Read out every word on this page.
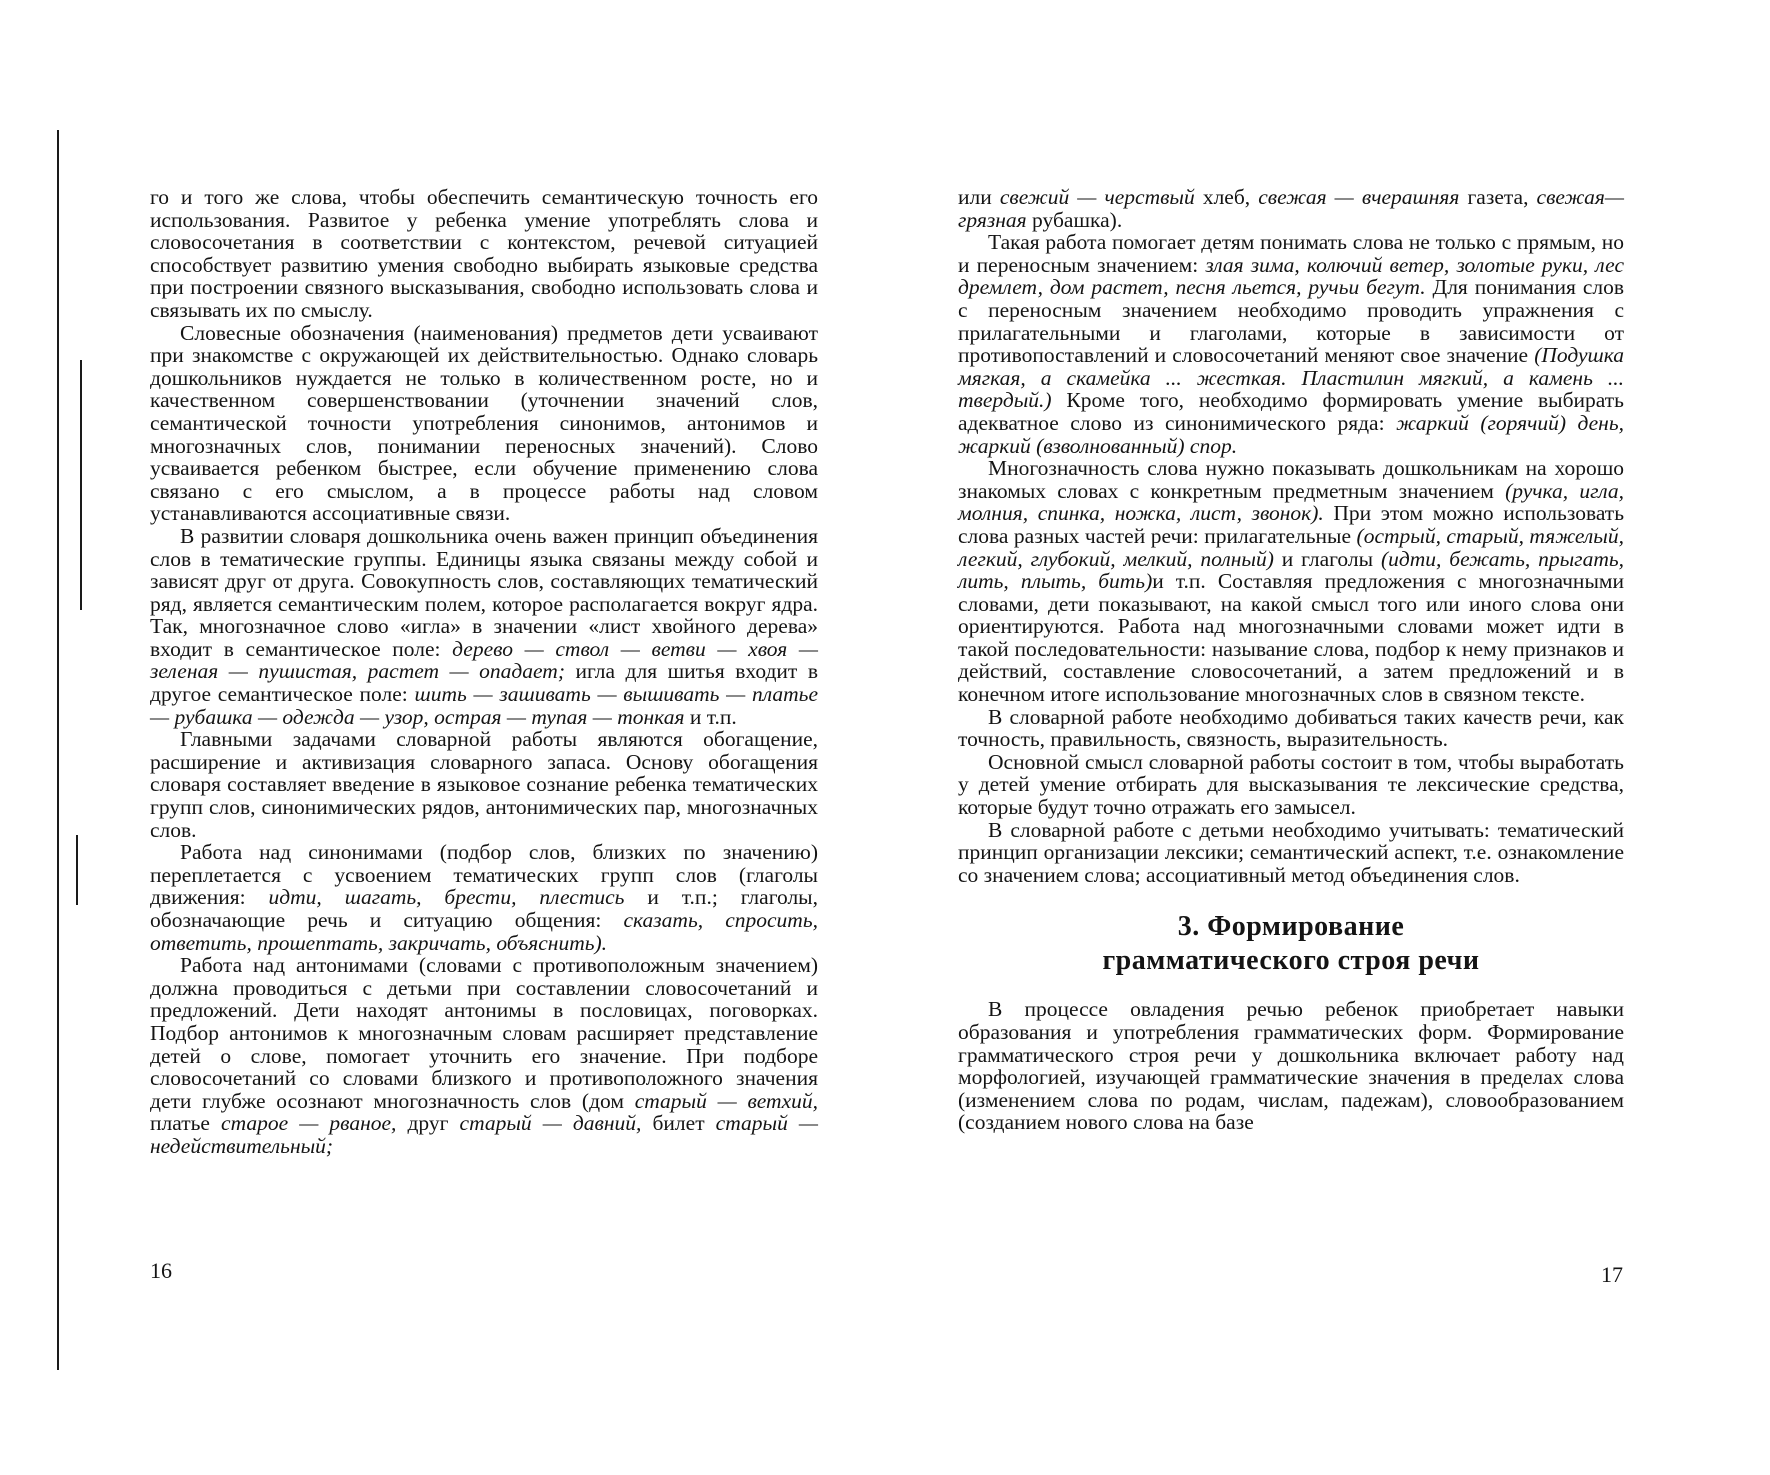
го и того же слова, чтобы обеспечить семантическую точность его использования. Развитое у ребенка умение употреблять слова и словосочетания в соответствии с контекстом, речевой ситуацией способствует развитию умения свободно выбирать языковые средства при построении связного высказывания, свободно использовать слова и связывать их по смыслу.

Словесные обозначения (наименования) предметов дети усваивают при знакомстве с окружающей их действительностью. Однако словарь дошкольников нуждается не только в количественном росте, но и качественном совершенствовании (уточнении значений слов, семантической точности употребления синонимов, антонимов и многозначных слов, понимании переносных значений). Слово усваивается ребенком быстрее, если обучение применению слова связано с его смыслом, а в процессе работы над словом устанавливаются ассоциативные связи.

В развитии словаря дошкольника очень важен принцип объединения слов в тематические группы. Единицы языка связаны между собой и зависят друг от друга. Совокупность слов, составляющих тематический ряд, является семантическим полем, которое располагается вокруг ядра. Так, многозначное слово «игла» в значении «лист хвойного дерева» входит в семантическое поле: дерево — ствол — ветви — хвоя — зеленая — пушистая, растет — опадает; игла для шитья входит в другое семантическое поле: шить — зашивать — вышивать — платье — рубашка — одежда — узор, острая — тупая — тонкая и т.п.

Главными задачами словарной работы являются обогащение, расширение и активизация словарного запаса. Основу обогащения словаря составляет введение в языковое сознание ребенка тематических групп слов, синонимических рядов, антонимических пар, многозначных слов.

Работа над синонимами (подбор слов, близких по значению) переплетается с усвоением тематических групп слов (глаголы движения: идти, шагать, брести, плестись и т.п.; глаголы, обозначающие речь и ситуацию общения: сказать, спросить, ответить, прошептать, закричать, объяснить).

Работа над антонимами (словами с противоположным значением) должна проводиться с детьми при составлении словосочетаний и предложений. Дети находят антонимы в пословицах, поговорках. Подбор антонимов к многозначным словам расширяет представление детей о слове, помогает уточнить его значение. При подборе словосочетаний со словами близкого и противоположного значения дети глубже осознают многозначность слов (дом старый — ветхий, платье старое — рваное, друг старый — давний, билет старый — недействительный;

16

или свежий — черствый хлеб, свежая — вчерашняя газета, свежая— грязная рубашка).

Такая работа помогает детям понимать слова не только с прямым, но и переносным значением: злая зима, колючий ветер, золотые руки, лес дремлет, дом растет, песня льется, ручьи бегут. Для понимания слов с переносным значением необходимо проводить упражнения с прилагательными и глаголами, которые в зависимости от противопоставлений и словосочетаний меняют свое значение (Подушка мягкая, а скамейка ... жесткая. Пластилин мягкий, а камень ... твердый.) Кроме того, необходимо формировать умение выбирать адекватное слово из синонимического ряда: жаркий (горячий) день, жаркий (взволнованный) спор.

Многозначность слова нужно показывать дошкольникам на хорошо знакомых словах с конкретным предметным значением (ручка, игла, молния, спинка, ножка, лист, звонок). При этом можно использовать слова разных частей речи: прилагательные (острый, старый, тяжелый, легкий, глубокий, мелкий, полный) и глаголы (идти, бежать, прыгать, лить, плыть, бить)и т.п. Составляя предложения с многозначными словами, дети показывают, на какой смысл того или иного слова они ориентируются. Работа над многозначными словами может идти в такой последовательности: называние слова, подбор к нему признаков и действий, составление словосочетаний, а затем предложений и в конечном итоге использование многозначных слов в связном тексте.

В словарной работе необходимо добиваться таких качеств речи, как точность, правильность, связность, выразительность.

Основной смысл словарной работы состоит в том, чтобы выработать у детей умение отбирать для высказывания те лексические средства, которые будут точно отражать его замысел.

В словарной работе с детьми необходимо учитывать: тематический принцип организации лексики; семантический аспект, т.е. ознакомление со значением слова; ассоциативный метод объединения слов.

3. Формирование
грамматического строя речи

В процессе овладения речью ребенок приобретает навыки образования и употребления грамматических форм. Формирование грамматического строя речи у дошкольника включает работу над морфологией, изучающей грамматические значения в пределах слова (изменением слова по родам, числам, падежам), словообразованием (созданием нового слова на базе

17
